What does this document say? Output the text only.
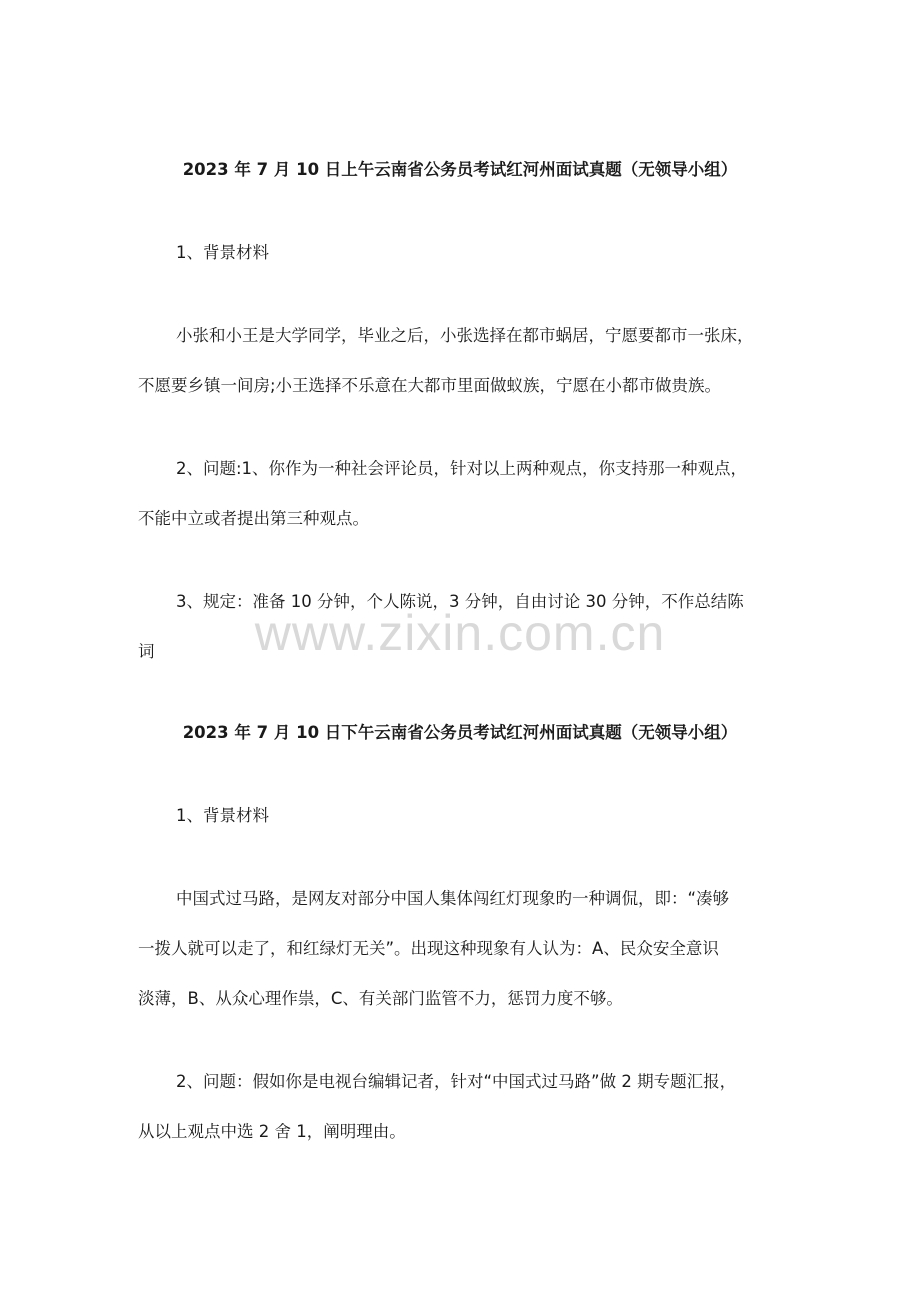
2023 年 7 月 10 日上午云南省公务员考试红河州面试真题（无领导小组）
1、背景材料
小张和小王是大学同学，毕业之后，小张选择在都市蜗居，宁愿要都市一张床，
不愿要乡镇一间房;小王选择不乐意在大都市里面做蚁族，宁愿在小都市做贵族。
2、问题:1、你作为一种社会评论员，针对以上两种观点，你支持那一种观点，
不能中立或者提出第三种观点。
3、规定：准备 10 分钟，个人陈说，3 分钟，自由讨论 30 分钟，不作总结陈
词	www.zixin.com.cn
2023 年 7 月 10 日下午云南省公务员考试红河州面试真题（无领导小组）
1、背景材料
中国式过马路，是网友对部分中国人集体闯红灯现象旳一种调侃，即：“凑够
一拨人就可以走了，和红绿灯无关”。出现这种现象有人认为：A、民众安全意识
淡薄，B、从众心理作祟，C、有关部门监管不力，惩罚力度不够。
2、问题：假如你是电视台编辑记者，针对“中国式过马路”做 2 期专题汇报，
从以上观点中选 2 舍 1，阐明理由。
